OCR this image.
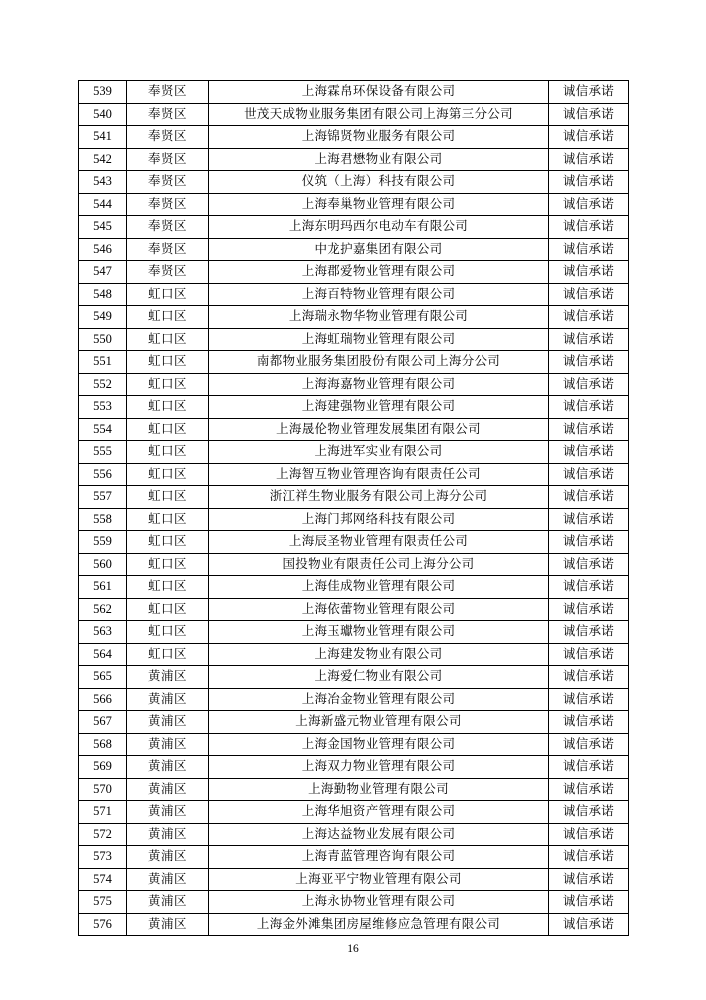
539	奉贤区	上海霖帛环保设备有限公司	诚信承诺
540	奉贤区	世茂天成物业服务集团有限公司上海第三分公司	诚信承诺
541	奉贤区	上海锦贤物业服务有限公司	诚信承诺
542	奉贤区	上海君懋物业有限公司	诚信承诺
543	奉贤区	仪筑（上海）科技有限公司	诚信承诺
544	奉贤区	上海奉巢物业管理有限公司	诚信承诺
545	奉贤区	上海东明玛西尔电动车有限公司	诚信承诺
546	奉贤区	中龙护嘉集团有限公司	诚信承诺
547	奉贤区	上海郡爱物业管理有限公司	诚信承诺
548	虹口区	上海百特物业管理有限公司	诚信承诺
549	虹口区	上海瑞永物华物业管理有限公司	诚信承诺
550	虹口区	上海虹瑞物业管理有限公司	诚信承诺
551	虹口区	南都物业服务集团股份有限公司上海分公司	诚信承诺
552	虹口区	上海海嘉物业管理有限公司	诚信承诺
553	虹口区	上海建强物业管理有限公司	诚信承诺
554	虹口区	上海晟伦物业管理发展集团有限公司	诚信承诺
555	虹口区	上海进军实业有限公司	诚信承诺
556	虹口区	上海智互物业管理咨询有限责任公司	诚信承诺
557	虹口区	浙江祥生物业服务有限公司上海分公司	诚信承诺
558	虹口区	上海门邦网络科技有限公司	诚信承诺
559	虹口区	上海辰圣物业管理有限责任公司	诚信承诺
560	虹口区	国投物业有限责任公司上海分公司	诚信承诺
561	虹口区	上海佳成物业管理有限公司	诚信承诺
562	虹口区	上海依蕾物业管理有限公司	诚信承诺
563	虹口区	上海玉瓛物业管理有限公司	诚信承诺
564	虹口区	上海建发物业有限公司	诚信承诺
565	黄浦区	上海爱仁物业有限公司	诚信承诺
566	黄浦区	上海冶金物业管理有限公司	诚信承诺
567	黄浦区	上海新盛元物业管理有限公司	诚信承诺
568	黄浦区	上海金国物业管理有限公司	诚信承诺
569	黄浦区	上海双力物业管理有限公司	诚信承诺
570	黄浦区	上海勤物业管理有限公司	诚信承诺
571	黄浦区	上海华旭资产管理有限公司	诚信承诺
572	黄浦区	上海达益物业发展有限公司	诚信承诺
573	黄浦区	上海青蓝管理咨询有限公司	诚信承诺
574	黄浦区	上海亚平宁物业管理有限公司	诚信承诺
575	黄浦区	上海永协物业管理有限公司	诚信承诺
576	黄浦区	上海金外滩集团房屋维修应急管理有限公司	诚信承诺
16
